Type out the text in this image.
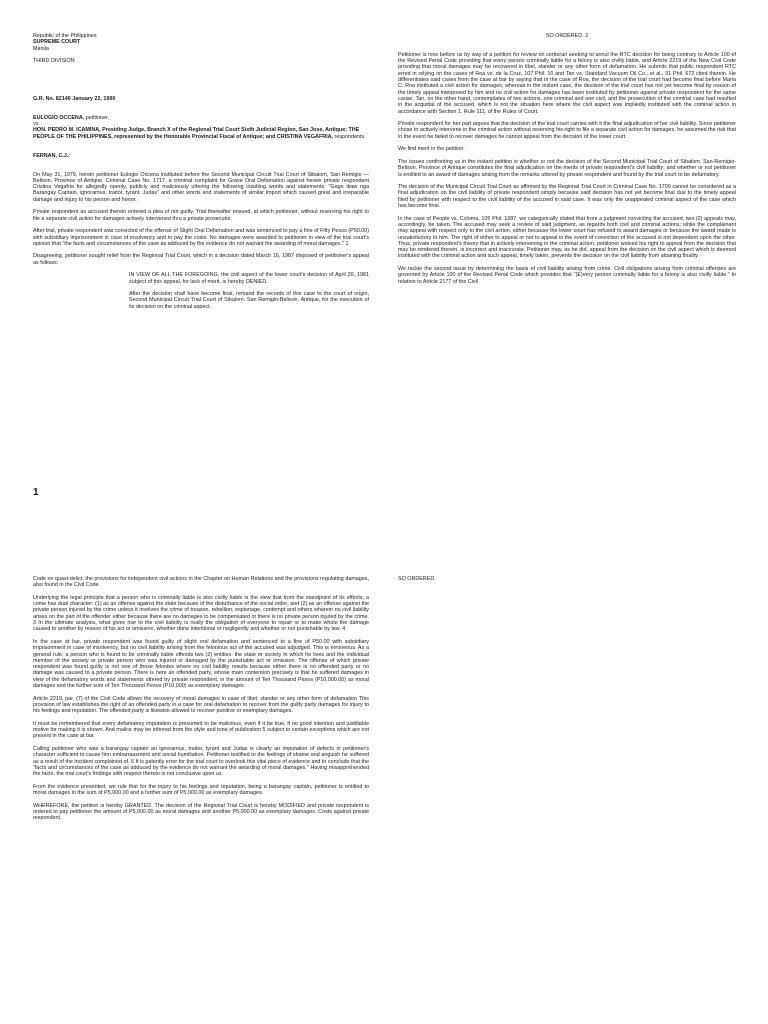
Republic of the Philippines
SUPREME COURT
Manila

THIRD DIVISION

G.R. No. 82146 January 22, 1990

EULOGIO OCCENA, petitioner,
vs.
HON. PEDRO M. ICAMINA, Presiding Judge, Branch X of the Regional Trial Court Sixth Judicial Region, San Jose, Antique; THE PEOPLE OF THE PHILIPPINES, represented by the Honorable Provincial Fiscal of Antique; and CRISTINA VEGAFRIA, respondents.

FERNAN, C.J.:

On May 31, 1979, herein petitioner Eulogio Occena instituted before the Second Municipal Circuit Trial Court of Sibalom, San Remigio — Belison, Province of Antique, Criminal Case No. 1717, a criminal complaint for Grave Oral Defamation against herein private respondent Cristina Vegafria for allegedly openly, publicly and maliciously uttering the following insulting words and statements: "Gago ikaw nga Barangay Captain, ignoramus, traitor, tyrant, Judas" and other words and statements of similar import which caused great and irreparable damage and injury to his person and honor.

Private respondent as accused therein entered a plea of not guilty. Trial thereafter ensued, at which petitioner, without reserving his right to file a separate civil action for damages actively intervened thru a private prosecutor.

After trial, private respondent was convicted of the offense of Slight Oral Defamation and was sentenced to pay a fine of Fifty Pesos (P50.00) with subsidiary imprisonment in case of insolvency and to pay the costs. No damages were awarded to petitioner in view of the trial court's opinion that "the facts and circumstances of the case as adduced by the evidence do not warrant the awarding of moral damages." 1

Disagreeing, petitioner sought relief from the Regional Trial Court, which in a decision dated March 16, 1987 disposed of petitioner's appeal as follows:

IN VIEW OF ALL THE FOREGOING, the civil aspect of the lower court's decision of April 20, 1981 subject of this appeal, for lack of merit, is hereby DENIED.

After the decision shall have become final, remand the records of this case to the court of origin, Second Municipal Circuit Trial Court of Sibalom, San Remigio-Belison, Antique, for the execution of its decision on the criminal aspect.

1

SO ORDERED. 2

Petitioner is now before us by way of a petition for review on certiorari seeking to annul the RTC decision for being contrary to Article 100 of the Revised Penal Code providing that every person criminally liable for a felony is also civilly liable, and Article 2219 of the New Civil Code providing that moral damages may be recovered in libel, slander or any other form of defamation. He submits that public respondent RTC erred in relying on the cases of Roa vs. de la Cruz, 107 Phil. 10 and Tan vs. Standard Vacuum Oil Co., et al., 91 Phil. 672 cited therein. He differentiates said cases from the case at bar by saying that in the case of Roa, the decision of the trial court had become final before Maria C. Roa instituted a civil action for damages; whereas in the instant case, the decision of the trial court has not yet become final by reason of the timely appeal interposed by him and no civil action for damages has been instituted by petitioner against private respondent for the same cause. Tan, on the other hand, contemplates of two actions, one criminal and one civil, and the prosecution of the criminal case had resulted in the acquittal of the accused, which is not the situation here where the civil aspect was impliedly instituted with the criminal action in accordance with Section 1, Rule 111, of the Rules of Court.

Private respondent for her part argues that the decision of the trial court carries with it the final adjudication of her civil liability. Since petitioner chose to actively intervene in the criminal action without reserving his right to file a separate civil action for damages, he assumed the risk that in the event he failed to recover damages he cannot appeal from the decision of the lower court.

We find merit in the petition.

The issues confronting us in the instant petition is whether or not the decision of the Second Municipal Trial Court of Sibalom, San-Remigio-Belison, Province of Antique constitutes the final adjudication on the merits of private respondent's civil liability; and whether or not petitioner is entitled to an award of damages arising from the remarks uttered by private respondent and found by the trial court to be defamatory.

The decision of the Municipal Circuit Trial Court as affirmed by the Regional Trial Court in Criminal Case No. 1709 cannot be considered as a final adjudication on the civil liability of private respondent simply because said decision has not yet become final due to the timely appeal filed by petitioner with respect to the civil liability of the accused in said case. It was only the unappealed criminal aspect of the case which has become final.

In the case of People vs. Coloma, 105 Phil. 1287, we categorically stated that from a judgment convicting the accused, two (2) appeals may, accordingly, be taken. The accused may seek a review of said judgment, as regards both civil and criminal actions; while the complainant may appeal with respect only to the civil action, either because the lower court has refused to award damages or because the award made is unsatisfactory to him. The right of either to appeal or not to appeal in the event of conviction of the accused is not dependent upon the other. Thus, private respondent's theory that in actively intervening in the criminal action, petitioner waived his right to appeal from the decision that may be rendered therein, is incorrect and inaccurate. Petitioner may, as he did, appeal from the decision on the civil aspect which is deemed instituted with the criminal action and such appeal, timely taken, prevents the decision on the civil liability from attaining finality.

We tackle the second issue by determining the basis of civil liability arising from crime. Civil obligations arising from criminal offenses are governed by Article 100 of the Revised Penal Code which provides that "(E)very person criminally liable for a felony is also civilly liable." In relation to Article 2177 of the Civil

Code on quasi-delict, the provisions for independent civil actions in the Chapter on Human Relations and the provisions regulating damages, also found in the Civil Code.

Underlying the legal principle that a person who is criminally liable is also civilly liable is the view that from the standpoint of its effects, a crime has dual character: (1) as an offense against the state because of the disturbance of the social order; and (2) as an offense against the private person injured by the crime unless it involves the crime of treason, rebellion, espionage, contempt and others wherein no civil liability arises on the part of the offender either because there are no damages to be compensated or there is no private person injured by the crime. 3 In the ultimate analysis, what gives rise to the civil liability is really the obligation of everyone to repair or to make whole the damage caused to another by reason of his act or omission, whether done intentional or negligently and whether or not punishable by law. 4

In the case at bar, private respondent was found guilty of slight oral defamation and sentenced to a fine of P50.00 with subsidiary imprisonment in case of insolvency, but no civil liability arising from the felonious act of the accused was adjudged. This is erroneous. As a general rule, a person who is found to be criminally liable offends two (2) entities: the state or society in which he lives and the individual member of the society or private person who was injured or damaged by the punishable act or omission. The offense of which private respondent was found guilty is not one of those felonies where no civil liability results because either there is no offended party or no damage was caused to a private person. There is here an offended party, whose main contention precisely is that he suffered damages in view of the defamatory words and statements uttered by private respondent, in the amount of Ten Thousand Pesos (P10,000.00) as moral damages and the further sum of Ten Thousand Pesos (P10,000) as exemplary damages.

Article 2219, par. (7) of the Civil Code allows the recovery of moral damages in case of libel, slander or any other form of defamation This provision of law establishes the right of an offended party in a case for oral defamation to recover from the guilty party damages for injury to his feelings and reputation. The offended party is likewise allowed to recover punitive or exemplary damages.

It must be remembered that every defamatory imputation is presumed to be malicious, even if it be true, if no good intention and justifiable motive for making it is shown. And malice may be inferred from the style and tone of publication 5 subject to certain exceptions which are not present in the case at bar.

Calling petitioner who was a barangay captain an ignoramus, traitor, tyrant and Judas is clearly an imputation of defects in petitioner's character sufficient to cause him embarrassment and social humiliation. Petitioner testified to the feelings of shame and anguish he suffered as a result of the incident complained of. 6 It is patently error for the trial court to overlook this vital piece of evidence and to conclude that the "facts and circumstances of the case as adduced by the evidence do not warrant the awarding of moral damages." Having misapprehended the facts, the trial court's findings with respect thereto is not conclusive upon us.

From the evidence presented, we rule that for the injury to his feelings and reputation, being a barangay captain, petitioner is entitled to moral damages in the sum of P5,000.00 and a further sum of P5,000.00 as exemplary damages.

WHEREFORE, the petition is hereby GRANTED. The decision of the Regional Trial Court is hereby MODIFIED and private respondent is ordered to pay petitioner the amount of P5,000.00 as moral damages and another P5,000.00 as exemplary damages. Costs against private respondent.

SO ORDERED.
